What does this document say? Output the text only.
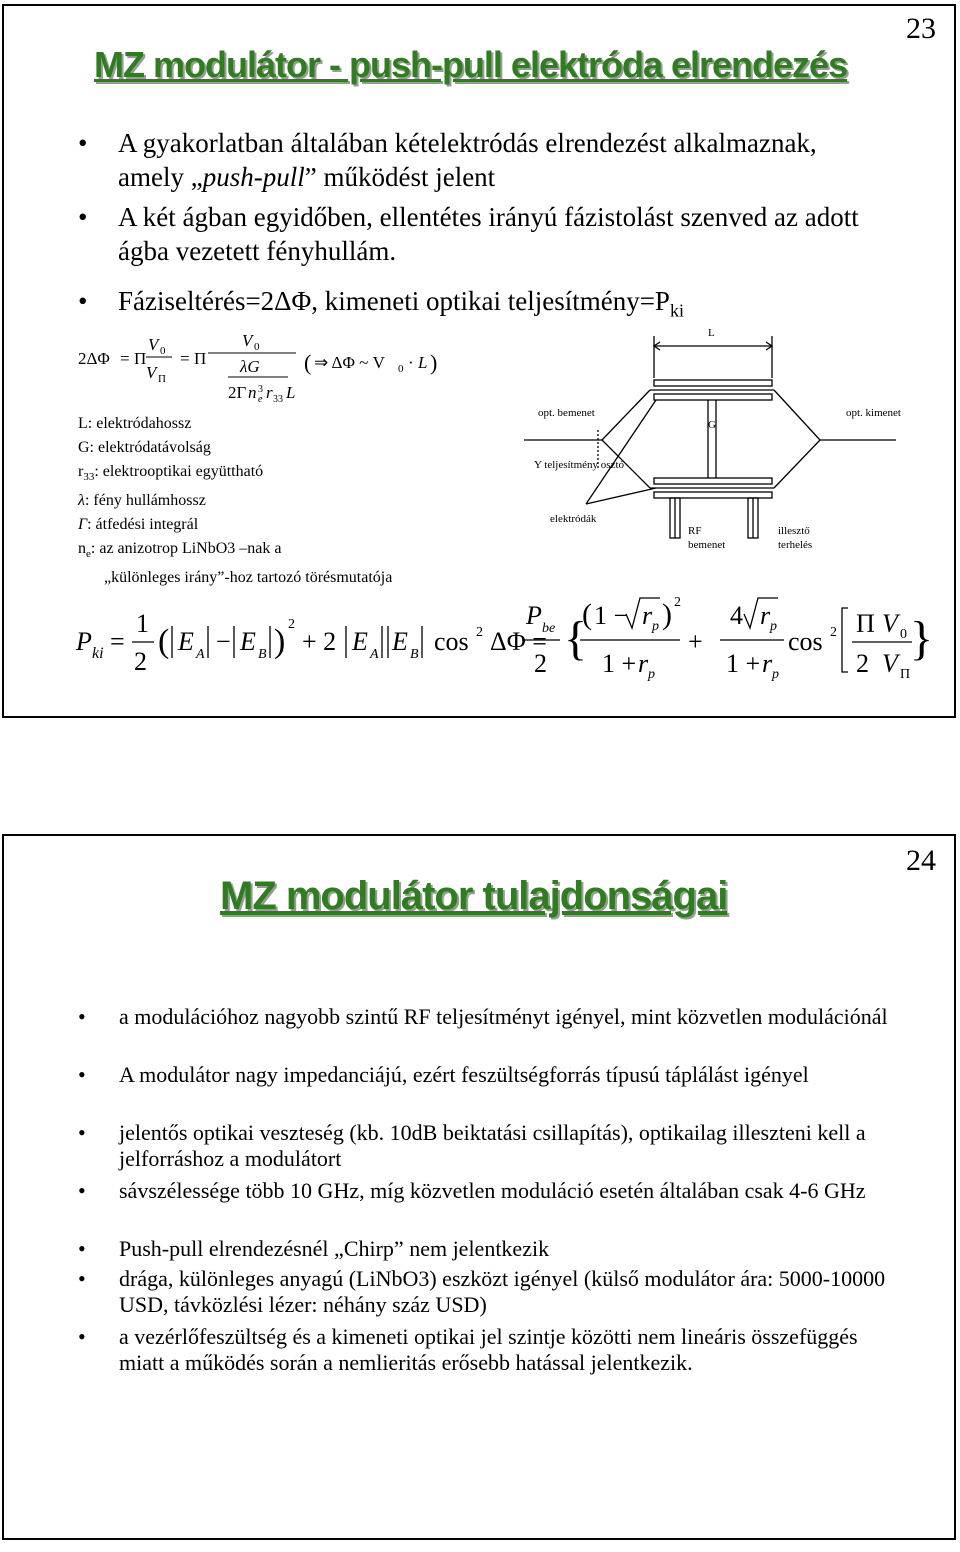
23
MZ modulátor - push-pull elektróda elrendezés
• A gyakorlatban általában kételektródás elrendezést alkalmaznak, amely „push-pull” működést jelent
• A két ágban egyidőben, ellentétes irányú fázistolást szenved az adott ágba vezetett fényhullám.
• Fáziseltérés=2ΔΦ, kimeneti optikai $teljesítmény=P_{ki}$
2ΔΦ = Π
V 0
V Π
= Π
V 0
λG
2Γ n 3
e r 33 L
( ⇒ ΔΦ ~ V 0 · L )
L: elektródahossz
G: elektródatávolság
$r_{33}$: elektrooptikai együttható
λ: fény hullámhossz
Γ: átfedési integrál
$n_e$: az anizotrop LiNbO3 –nak a
„különleges irány”-hoz tartozó törésmutatója
L
G
opt. bemenet	opt. kimenet
Y teljesítmény osztó
elektródák
RF
bemenet
illesztő
terhelés
P ki =
1
2
( E A − E B ) 2
+ 2 E A E B cos 2 ΔΦ =
P be
2 {
( 1 − r p ) 2
1 + r p
+
4 r p
1 + r p
cos 2 Π V 0
2 V Π
}
24
MZ modulátor tulajdonságai
• a modulációhoz nagyobb szintű RF teljesítményt igényel, mint közvetlen modulációnál
• A modulátor nagy impedanciájú, ezért feszültségforrás típusú táplálást igényel
• jelentős optikai veszteség (kb. 10dB beiktatási csillapítás), optikailag illeszteni kell a jelforráshoz a modulátort
• sávszélessége több 10 GHz, míg közvetlen moduláció esetén általában csak 4-6 GHz
• Push-pull elrendezésnél „Chirp” nem jelentkezik
• drága, különleges anyagú (LiNbO3) eszközt igényel (külső modulátor ára: 5000-10000 USD, távközlési lézer: néhány száz USD)
• a vezérlőfeszültség és a kimeneti optikai jel szintje közötti nem lineáris összefüggés miatt a működés során a nemlieritás erősebb hatással jelentkezik.
